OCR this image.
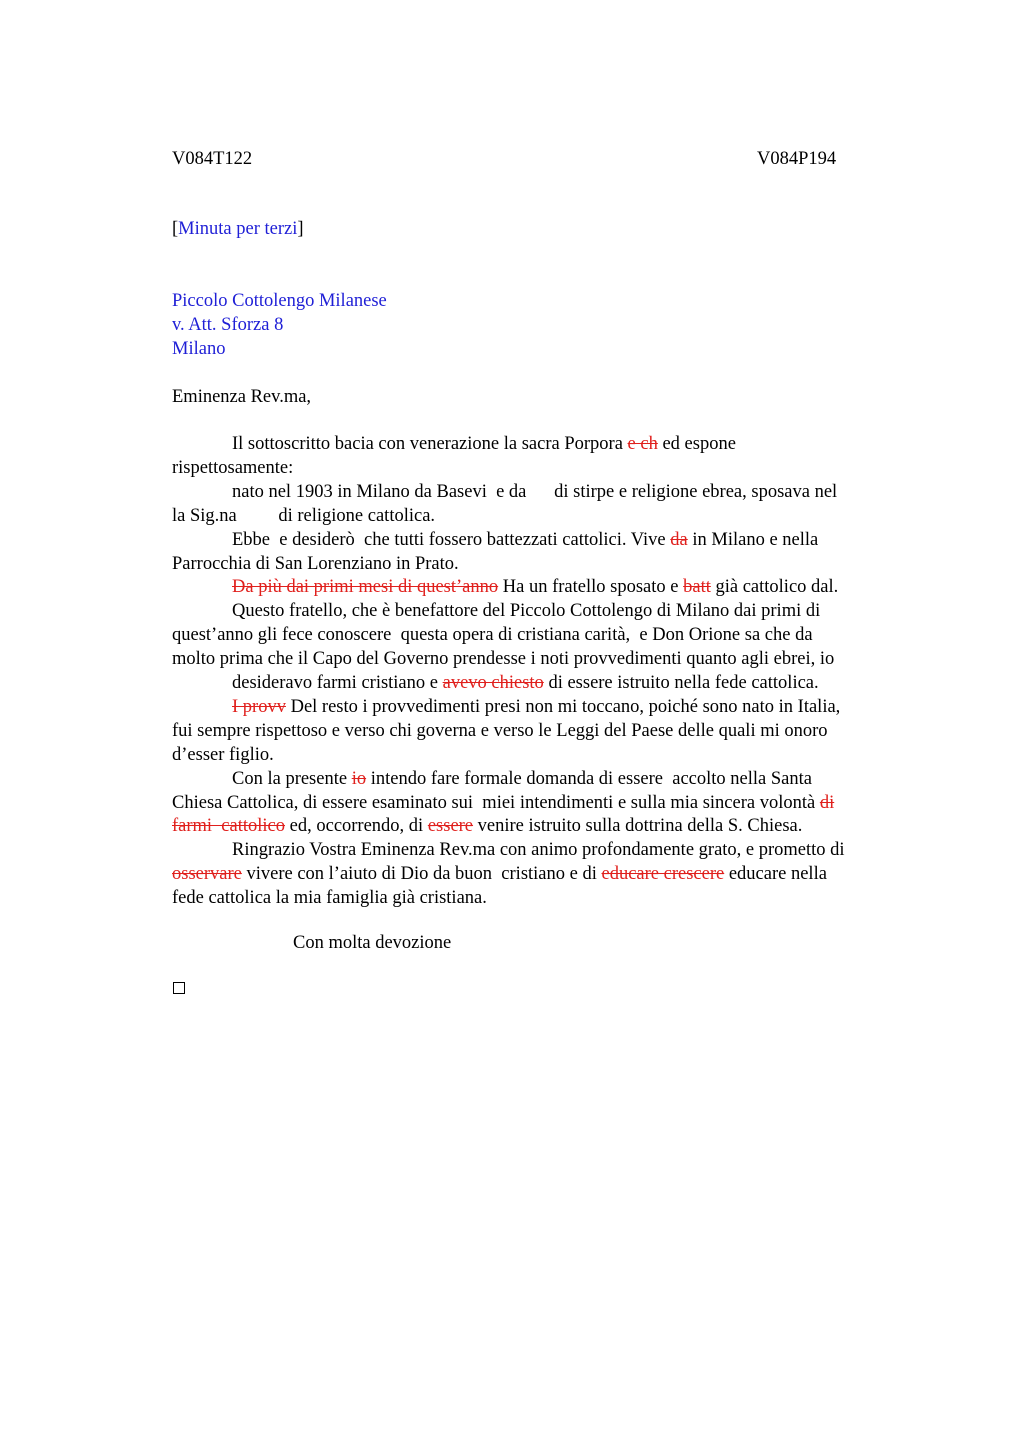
V084T122	V084P194
[Minuta per terzi]
Piccolo Cottolengo Milanese
v. Att. Sforza 8
Milano
Eminenza Rev.ma,
Il sottoscritto bacia con venerazione la sacra Porpora e ch ed espone
rispettosamente:
nato nel 1903 in Milano da Basevi  e da      di stirpe e religione ebrea, sposava nel
la Sig.na         di religione cattolica.
Ebbe  e desiderò  che tutti fossero battezzati cattolici. Vive da in Milano e nella
Parrocchia di San Lorenziano in Prato.
Da più dai primi mesi di quest’anno Ha un fratello sposato e batt già cattolico dal.
Questo fratello, che è benefattore del Piccolo Cottolengo di Milano dai primi di
quest’anno gli fece conoscere  questa opera di cristiana carità,  e Don Orione sa che da
molto prima che il Capo del Governo prendesse i noti provvedimenti quanto agli ebrei, io
desideravo farmi cristiano e avevo chiesto di essere istruito nella fede cattolica.
I provv Del resto i provvedimenti presi non mi toccano, poiché sono nato in Italia,
fui sempre rispettoso e verso chi governa e verso le Leggi del Paese delle quali mi onoro
d’esser figlio.
Con la presente io intendo fare formale domanda di essere  accolto nella Santa
Chiesa Cattolica, di essere esaminato sui  miei intendimenti e sulla mia sincera volontà di
farmi  cattolico ed, occorrendo, di essere venire istruito sulla dottrina della S. Chiesa.
Ringrazio Vostra Eminenza Rev.ma con animo profondamente grato, e prometto di
osservare vivere con l’aiuto di Dio da buon  cristiano e di educare crescere educare nella
fede cattolica la mia famiglia già cristiana.
Con molta devozione
